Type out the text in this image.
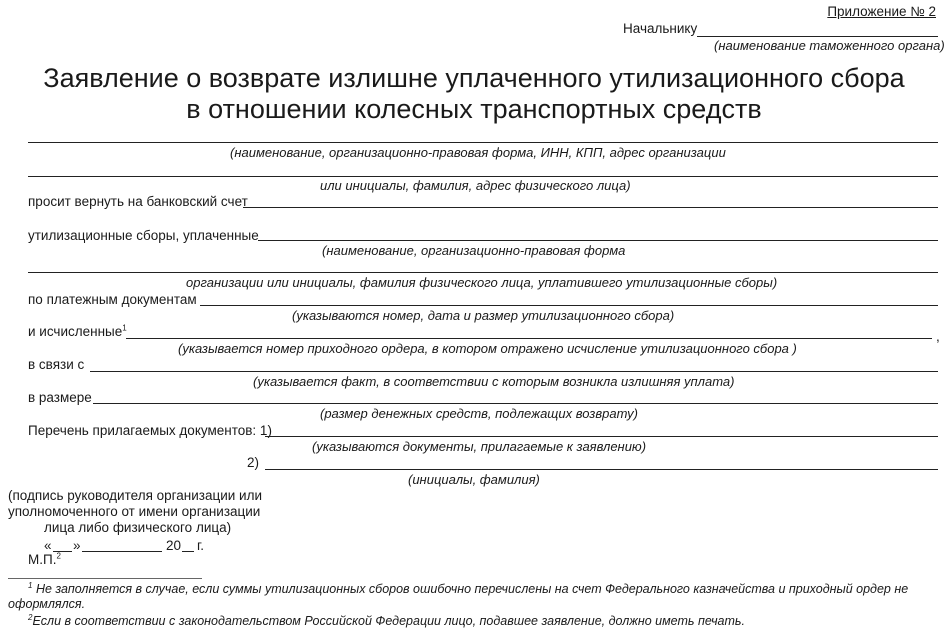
Приложение № 2
Начальнику
(наименование таможенного органа)
Заявление о возврате излишне уплаченного утилизационного сбора
в отношении колесных транспортных средств
(наименование, организационно-правовая форма, ИНН, КПП, адрес организации
или инициалы, фамилия, адрес физического лица)
просит вернуть на банковский счет
утилизационные сборы, уплаченные
(наименование, организационно-правовая форма
организации или инициалы, фамилия физического лица, уплатившего утилизационные сборы)
по платежным документам
(указываются номер, дата и размер утилизационного сбора)
и исчисленные$^1$
,
(указывается номер приходного ордера, в котором отражено исчисление утилизационного сбора )
в связи с
(указывается факт, в соответствии с которым возникла излишняя уплата)
в размере
(размер денежных средств, подлежащих возврату)
Перечень прилагаемых документов: 1)
(указываются документы, прилагаемые к заявлению)
2)
(инициалы, фамилия)
(подпись руководителя организации или
уполномоченного от имени организации
лица либо физического лица)
« »	20 г.
М.П.$^2$
$^1$ Не заполняется в случае, если суммы утилизационных сборов ошибочно перечислены на счет Федерального казначейства и приходный ордер не оформлялся.
$^2$Если в соответствии с законодательством Российской Федерации лицо, подавшее заявление, должно иметь печать.
